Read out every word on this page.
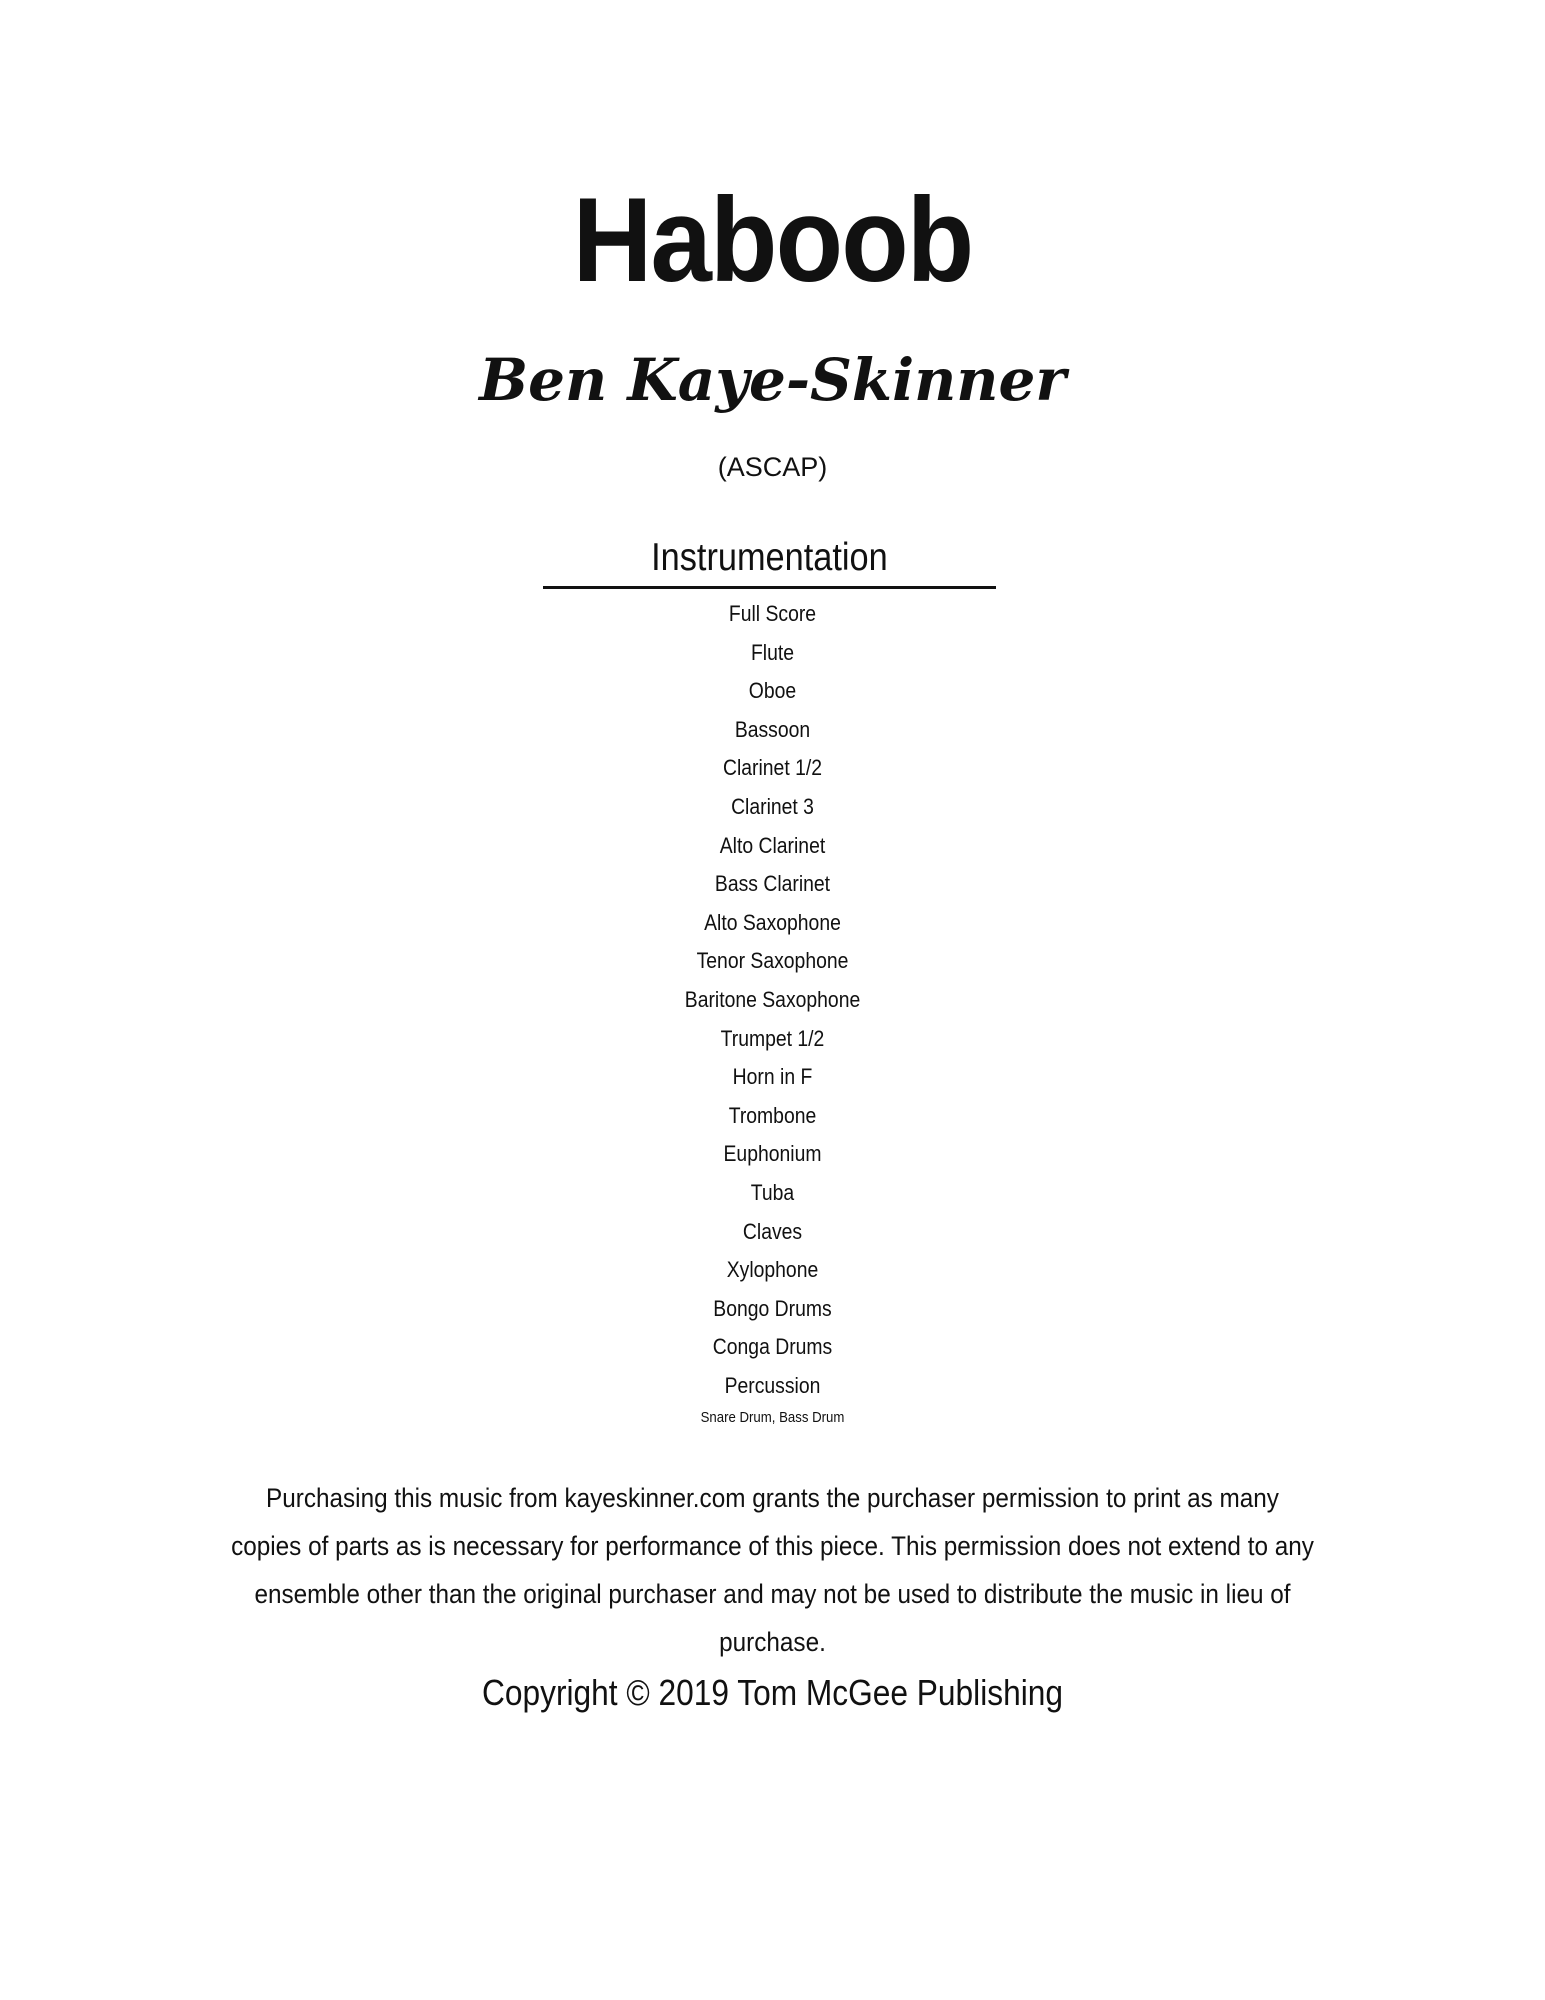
Haboob
Ben Kaye-Skinner
(ASCAP)
Instrumentation
Full Score
Flute
Oboe
Bassoon
Clarinet 1/2
Clarinet 3
Alto Clarinet
Bass Clarinet
Alto Saxophone
Tenor Saxophone
Baritone Saxophone
Trumpet 1/2
Horn in F
Trombone
Euphonium
Tuba
Claves
Xylophone
Bongo Drums
Conga Drums
Percussion
Snare Drum, Bass Drum
Purchasing this music from kayeskinner.com grants the purchaser permission to print as many copies of parts as is necessary for performance of this piece. This permission does not extend to any ensemble other than the original purchaser and may not be used to distribute the music in lieu of purchase.
Copyright © 2019 Tom McGee Publishing
